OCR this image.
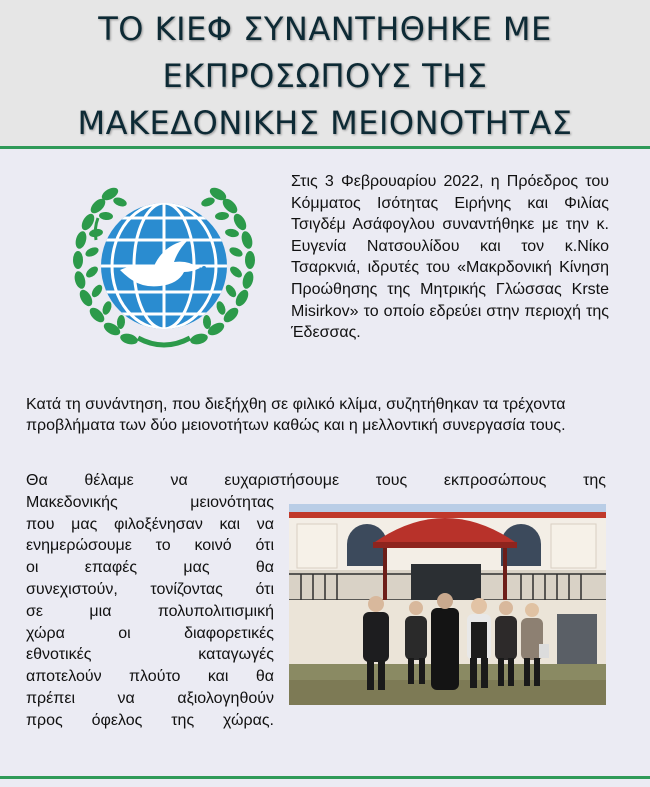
ΤΟ ΚΙΕΦ ΣΥΝΑΝΤΗΘΗΚΕ ΜΕ
ΕΚΠΡΟΣΩΠΟΥΣ ΤΗΣ
ΜΑΚΕΔΟΝΙΚΗΣ ΜΕΙΟΝΟΤΗΤΑΣ
Στις 3 Φεβρουαρίου 2022, η Πρόεδρος του Κόμματος Ισότητας Ειρήνης και Φιλίας Τσιγδέμ Ασάφογλου συναντήθηκε με την κ. Ευγενία Νατσουλίδου και τον κ.Νίκο Τσαρκνιά, ιδρυτές του «Μακρδονική Κίνηση Προώθησης της Μητρικής Γλώσσας Krste Misirkov» το οποίο εδρεύει στην περιοχή της Έδεσσας.
Κατά τη συνάντηση, που διεξήχθη σε φιλικό κλίμα, συζητήθηκαν τα τρέχοντα προβλήματα των δύο μειονοτήτων καθώς και η μελλοντική συνεργασία τους.
Θα θέλαμε να ευχαριστήσουμε τους εκπροσώπους της
Μακεδονικής μειονότητας
που μας φιλοξένησαν και να
ενημερώσουμε το κοινό ότι
οι επαφές μας θα
συνεχιστούν, τονίζοντας ότι
σε μια πολυπολιτισμική
χώρα οι διαφορετικές
εθνοτικές καταγωγές
αποτελούν πλούτο και θα
πρέπει να αξιολογηθούν
προς όφελος της χώρας.
